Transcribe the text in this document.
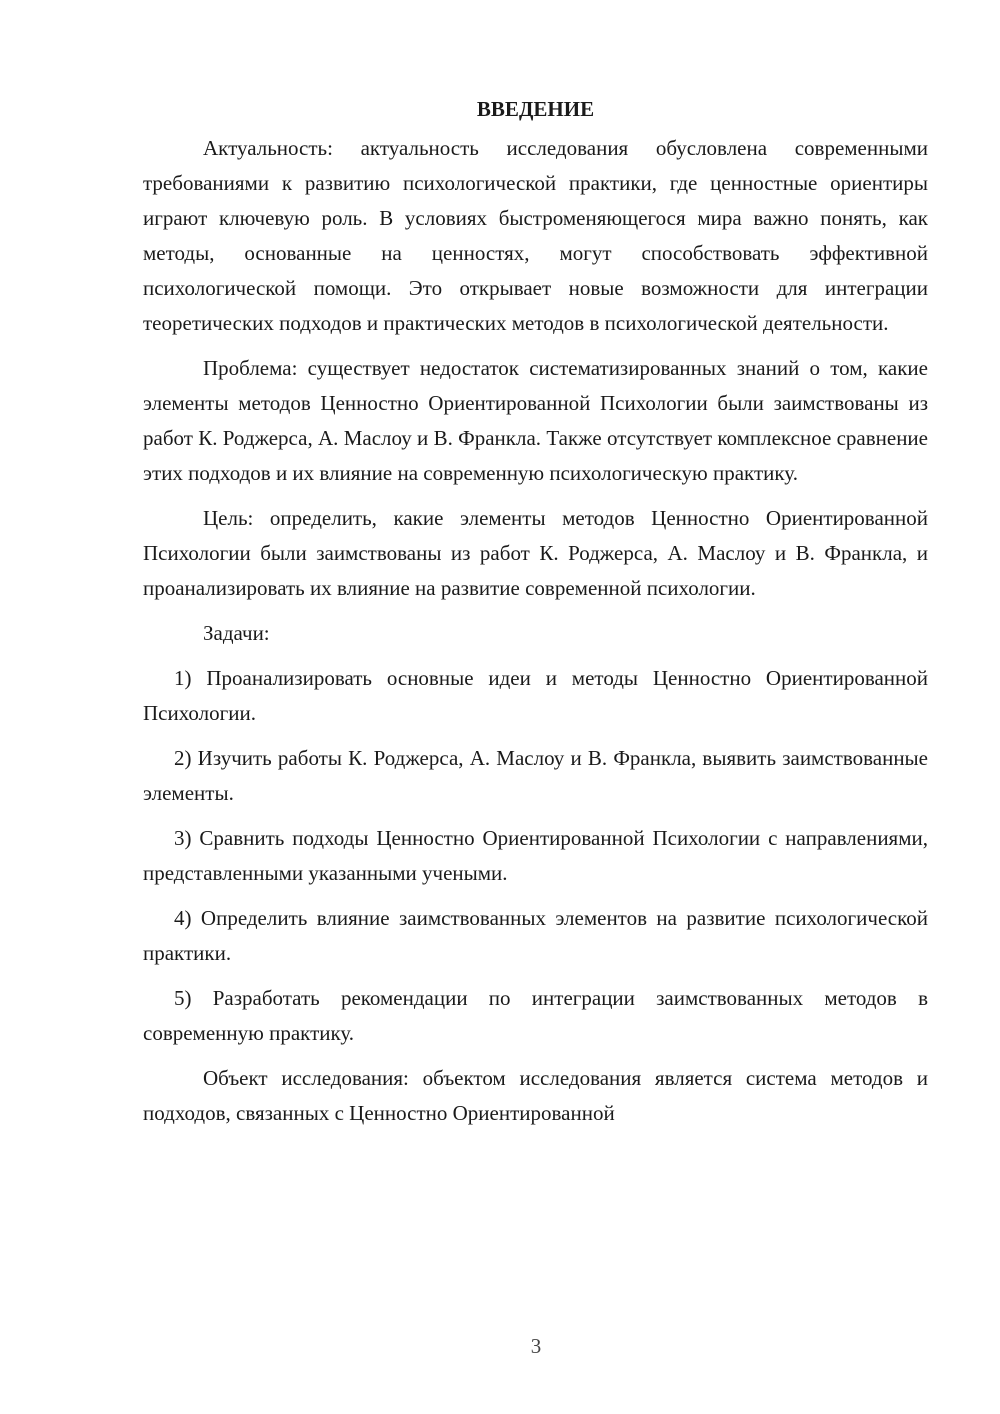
ВВЕДЕНИЕ

Актуальность: актуальность исследования обусловлена современными требованиями к развитию психологической практики, где ценностные ориентиры играют ключевую роль. В условиях быстроменяющегося мира важно понять, как методы, основанные на ценностях, могут способствовать эффективной психологической помощи. Это открывает новые возможности для интеграции теоретических подходов и практических методов в психологической деятельности.

Проблема: существует недостаток систематизированных знаний о том, какие элементы методов Ценностно Ориентированной Психологии были заимствованы из работ К. Роджерса, А. Маслоу и В. Франкла. Также отсутствует комплексное сравнение этих подходов и их влияние на современную психологическую практику.

Цель: определить, какие элементы методов Ценностно Ориентированной Психологии были заимствованы из работ К. Роджерса, А. Маслоу и В. Франкла, и проанализировать их влияние на развитие современной психологии.

Задачи:

1) Проанализировать основные идеи и методы Ценностно Ориентированной Психологии.

2) Изучить работы К. Роджерса, А. Маслоу и В. Франкла, выявить заимствованные элементы.

3) Сравнить подходы Ценностно Ориентированной Психологии с направлениями, представленными указанными учеными.

4) Определить влияние заимствованных элементов на развитие психологической практики.

5) Разработать рекомендации по интеграции заимствованных методов в современную практику.

Объект исследования: объектом исследования является система методов и подходов, связанных с Ценностно Ориентированной

3
